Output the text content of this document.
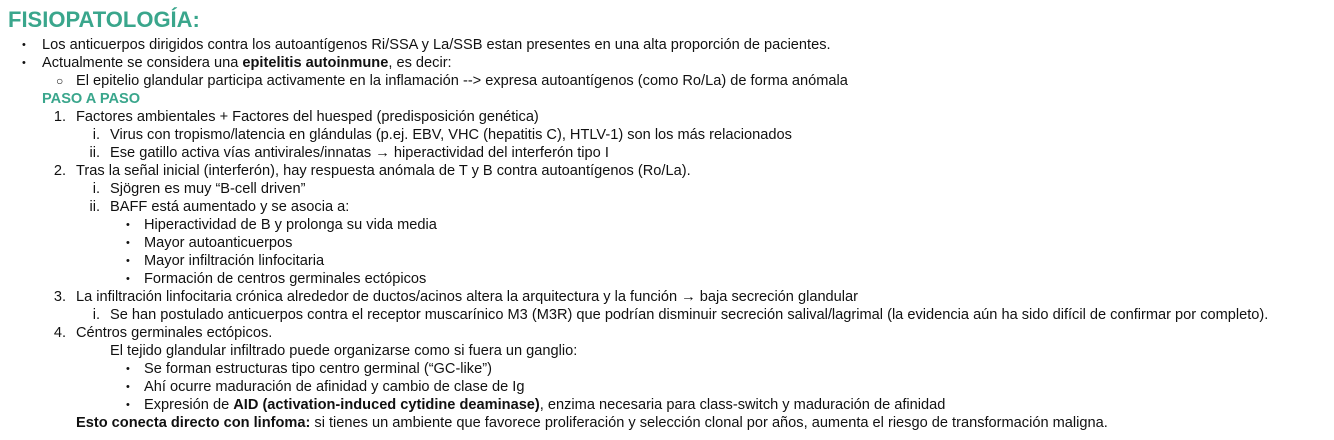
FISIOPATOLOGÍA:
• Los anticuerpos dirigidos contra los autoantígenos Ri/SSA y La/SSB estan presentes en una alta proporción de pacientes.
• Actualmente se considera una epitelitis autoinmune, es decir:
○ El epitelio glandular participa activamente en la inflamación --> expresa autoantígenos (como Ro/La) de forma anómala
PASO A PASO
1. Factores ambientales + Factores del huesped (predisposición genética)
i. Virus con tropismo/latencia en glándulas (p.ej. EBV, VHC (hepatitis C), HTLV-1) son los más relacionados
ii. Ese gatillo activa vías antivirales/innatas → hiperactividad del interferón tipo I
2. Tras la señal inicial (interferón), hay respuesta anómala de T y B contra autoantígenos (Ro/La).
i. Sjögren es muy “B-cell driven”
ii. BAFF está aumentado y se asocia a:
• Hiperactividad de B y prolonga su vida media
• Mayor autoanticuerpos
• Mayor infiltración linfocitaria
• Formación de centros germinales ectópicos
3. La infiltración linfocitaria crónica alrededor de ductos/acinos altera la arquitectura y la función → baja secreción glandular
i. Se han postulado anticuerpos contra el receptor muscarínico M3 (M3R) que podrían disminuir secreción salival/lagrimal (la evidencia aún ha sido difícil de confirmar por completo).
4. Céntros germinales ectópicos.
El tejido glandular infiltrado puede organizarse como si fuera un ganglio:
• Se forman estructuras tipo centro germinal (“GC-like”)
• Ahí ocurre maduración de afinidad y cambio de clase de Ig
• Expresión de AID (activation-induced cytidine deaminase), enzima necesaria para class-switch y maduración de afinidad
Esto conecta directo con linfoma: si tienes un ambiente que favorece proliferación y selección clonal por años, aumenta el riesgo de transformación maligna.
